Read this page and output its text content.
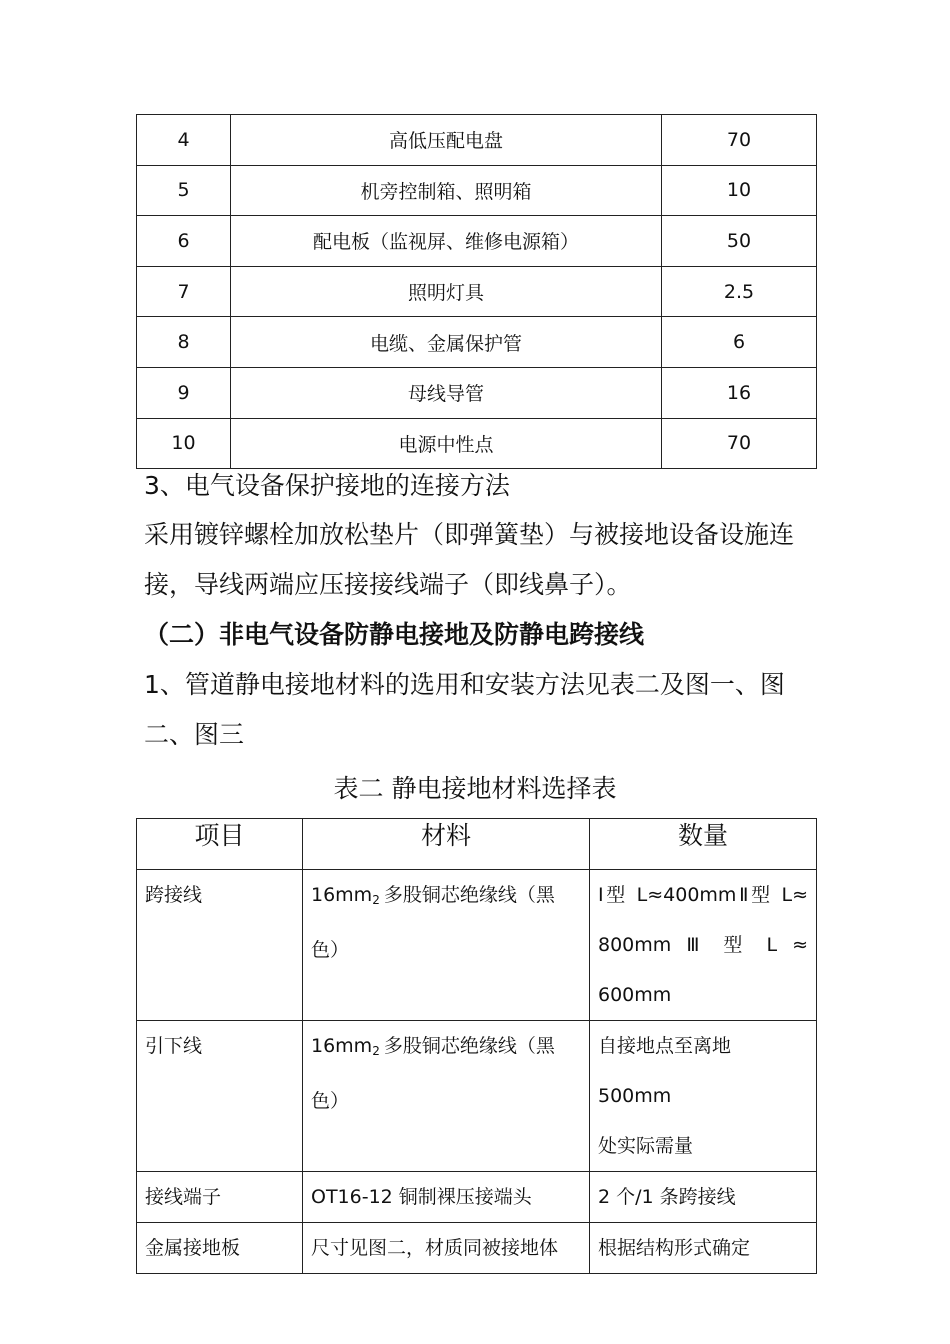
4	高低压配电盘	70
5	机旁控制箱、照明箱	10
6	配电板（监视屏、维修电源箱）	50
7	照明灯具	2.5
8	电缆、金属保护管	6
9	母线导管	16
10	电源中性点	70
3、电气设备保护接地的连接方法
采用镀锌螺栓加放松垫片（即弹簧垫）与被接地设备设施连
接，导线两端应压接接线端子（即线鼻子）。
（二）非电气设备防静电接地及防静电跨接线
1、管道静电接地材料的选用和安装方法见表二及图一、图
二、图三
表二 静电接地材料选择表
项目	材料	数量
跨接线	$16mm_2$ 多股铜芯绝缘线（黑色）	Ⅰ型 L≈400mmⅡ型 L≈
800mm Ⅲ 型 L ≈
600mm

引下线	$16mm_2$ 多股铜芯绝缘线（黑色）	自接地点至离地 500mm
处实际需量

接线端子	OT16-12 铜制裸压接端头	2 个/1 条跨接线
金属接地板	尺寸见图二，材质同被接地体	根据结构形式确定
